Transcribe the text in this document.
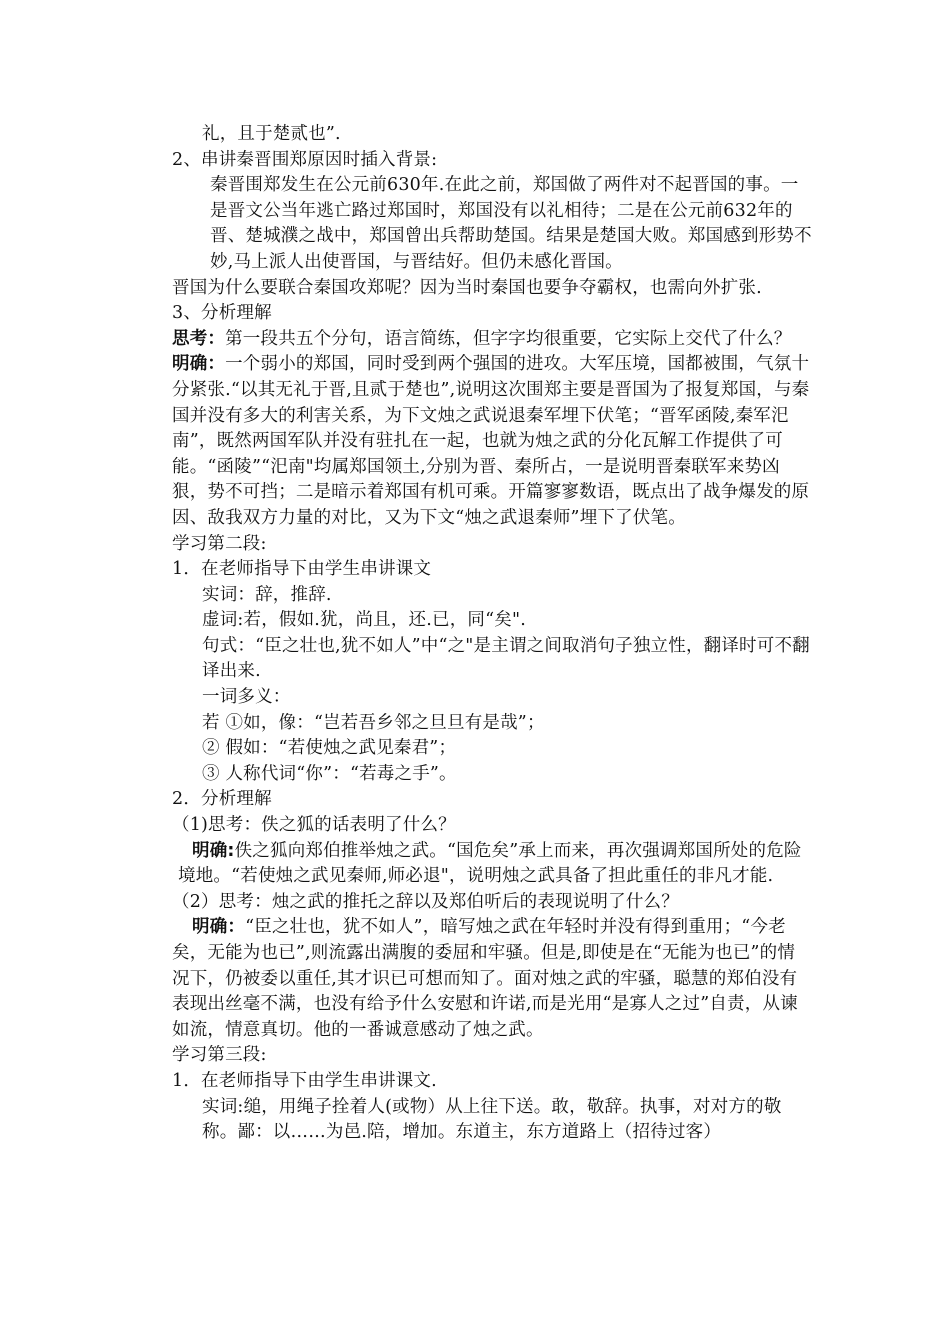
礼，且于楚贰也”.

2、串讲秦晋围郑原因时插入背景:

秦晋围郑发生在公元前630年.在此之前，郑国做了两件对不起晋国的事。一是晋文公当年逃亡路过郑国时，郑国没有以礼相待；二是在公元前632年的晋、楚城濮之战中，郑国曾出兵帮助楚国。结果是楚国大败。郑国感到形势不妙,马上派人出使晋国，与晋结好。但仍未感化晋国。

晋国为什么要联合秦国攻郑呢？因为当时秦国也要争夺霸权，也需向外扩张.

3、分析理解

思考：第一段共五个分句，语言简练，但字字均很重要，它实际上交代了什么？

明确：一个弱小的郑国，同时受到两个强国的进攻。大军压境，国都被围，气氛十分紧张.“以其无礼于晋,且贰于楚也”,说明这次围郑主要是晋国为了报复郑国，与秦国并没有多大的利害关系，为下文烛之武说退秦军埋下伏笔；“晋军函陵,秦军汜南”，既然两国军队并没有驻扎在一起，也就为烛之武的分化瓦解工作提供了可能。“函陵”“汜南"均属郑国领土,分别为晋、秦所占，一是说明晋秦联军来势凶狠，势不可挡；二是暗示着郑国有机可乘。开篇寥寥数语，既点出了战争爆发的原因、敌我双方力量的对比，又为下文“烛之武退秦师”埋下了伏笔。

学习第二段:

1．在老师指导下由学生串讲课文

实词：辞，推辞.

虚词:若，假如.犹，尚且，还.已，同“矣".

句式：“臣之壮也,犹不如人”中“之"是主谓之间取消句子独立性，翻译时可不翻译出来.

一词多义：

若 ①如，像：“岂若吾乡邻之旦旦有是哉”；

② 假如：“若使烛之武见秦君”；

③ 人称代词“你”：“若毒之手”。

2．分析理解

（1)思考：佚之狐的话表明了什么？

明确:佚之狐向郑伯推举烛之武。“国危矣”承上而来，再次强调郑国所处的危险境地。“若使烛之武见秦师,师必退"，说明烛之武具备了担此重任的非凡才能.

（2）思考：烛之武的推托之辞以及郑伯听后的表现说明了什么？

明确：“臣之壮也，犹不如人”，暗写烛之武在年轻时并没有得到重用；“今老矣，无能为也已”,则流露出满腹的委屈和牢骚。但是,即使是在“无能为也已”的情况下，仍被委以重任,其才识已可想而知了。面对烛之武的牢骚，聪慧的郑伯没有表现出丝毫不满，也没有给予什么安慰和许诺,而是光用“是寡人之过”自责，从谏如流，情意真切。他的一番诚意感动了烛之武。

学习第三段:

1．在老师指导下由学生串讲课文.

实词:缒，用绳子拴着人(或物）从上往下送。敢，敬辞。执事，对对方的敬称。鄙：以……为邑.陪，增加。东道主，东方道路上（招待过客）
